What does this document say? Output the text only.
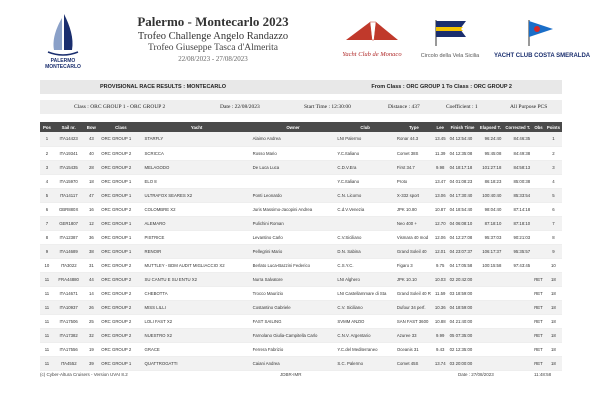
PALERMO MONTECARLO
Palermo - Montecarlo 2023
Trofeo Challenge Angelo Randazzo
Trofeo Giuseppe Tasca d'Almerita
22/08/2023 - 27/08/2023
Yacht Club de Monaco	Circolo della Vela Sicilia YACHT CLUB COSTA SMERALDA
PROVISIONAL RACE RESULTS : MONTECARLO	From Class : ORC GROUP 1 To Class : ORC GROUP 2
Class : ORC GROUP 1 - ORC GROUP 2	Date : 22/08/2023	Start Time : 12:30:00	Distance : 437	Coefficient : 1	All Purpose PCS
Pos	Sail nr.	Bow	Class	Yacht	Owner	Club	Type	Lee	Finish Time	Elapsed T.	Corrected T.	Obs	Points
1	ITA14423	43	ORC GROUP 1	STARFLY	Alaimo Andrea	LNI Palermo	Ronar 44.3	13.45	04 12:54:40	96:24:40	84:46:35		1
2	ITA19341	40	ORC GROUP 2	SCRICCA	Rosso Mario	Y.C.Italiano	Comet 38S	11.39	04 12:35:08	95:45:08	84:49:38		2
3	ITA15435	28	ORC GROUP 2	MELAGODO	De Luca Luca	C.D.V.Era	First 34.7	9.98	04 18:17:18	101:27:18	84:58:13		3
4	ITA15970	18	ORC GROUP 1	ELO 8		Y.C.Italiano	Proto	13.47	04 01:08:23	86:18:23	85:00:38		4
5	ITA14117	47	ORC GROUP 1	ULTRAFOX SEARES X2	Ponti Leonardo	C.N. Licorno	X-332 sport	13.06	04 17:30:40	100:40:40	85:33:54		5
6	GBR880X	16	ORC GROUP 2	COLOMBRE X2	Juris Massimo-Jacopini Andrea	C.d.V.Venezia	JPK 10.80	10.87	04 18:54:40	98:04:40	87:14:18		6
7	GER1807	12	ORC GROUP 1	ALEMARO	Pulichini Roman		Neo 400 +	12.70	04 06:08:10	87:18:10	87:18:10		7
8	ITA12387	36	ORC GROUP 1	PISTRICE	Levantino Carlo	C.V.Siciliano	Vismara 40 mod	12.06	04 12:27:08	95:37:03	90:21:03		8
9	ITA14689	38	ORC GROUP 1	RENOIR	Pellegrini Mario	D.N. Sabina	Grand Soleil 40	12.01	04 23:07:37	106:17:37	95:35:57		9
10	ITA3022	31	ORC GROUP 2	MUTTLEY - BDM AUDIT MIGLIACCIO X2	Berlato Luca-Bazzini Federico	C.S.Y.C.	Figaro 3	9.75	04 17:05:58	100:15:58	97:43:45		10
11	FRA44880	44	ORC GROUP 2	SU CANTU E SU ENTU X2	Nurra Salvatore	LNI Alghero	JPK 10.10	10.03	02 20:42:00			RET	18
11	ITA14671	14	ORC GROUP 2	CHEBOTTA	Trocco Maurizio	LNI Castellammare di Sta	Grand Soleil 40 R	11.59	03 18:59:00			RET	18
11	ITA10937	26	ORC GROUP 2	MISS LILLI	Costantino Gabriele	C.V. Siciliano	Dufour 34 perf.	10.36	04 18:59:00			RET	18
11	ITA17506	25	ORC GROUP 2	LOLI FAST X2	FAST SAILING	SVMM ANZIO	SAN FAST 3600	10.88	04 21:40:00			RET	18
11	ITA17382	32	ORC GROUP 2	NUESTRO X2	Farnolano Giulia-Campitella Carlo	C.N.V. Argentario	Azuree 33	9.99	05 07:35:00			RET	18
11	ITA17556	19	ORC GROUP 2	GRACE	Ferrera Fabrizio	Y.C.del Mediterraneo	Oceanis 31	9.43	02 12:35:00			RET	18
11	ITA4552	39	ORC GROUP 1	QUATTROGATTI	Caiani Andrea	S.C. Palermo	Comet 45S	13.74	03 20:00:00			RET	18
(c) Cyber-Altura Cruisers - Version UVAI 8.2	JDBR-IMR	Date : 27/08/2023	11:48:58
